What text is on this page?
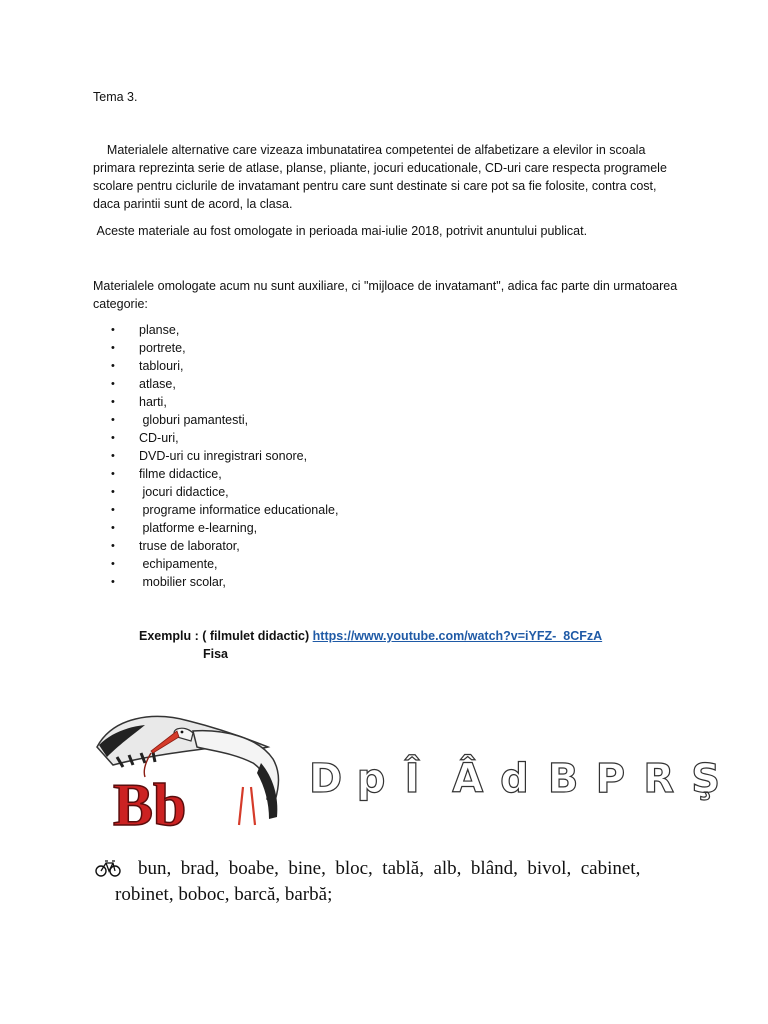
Tema 3.

Materialele alternative care vizeaza imbunatatirea competentei de alfabetizare a elevilor in scoala primara reprezinta serie de atlase, planse, pliante, jocuri educationale, CD-uri care respecta programele scolare pentru ciclurile de invatamant pentru care sunt destinate si care pot sa fie folosite, contra cost, daca parintii sunt de acord, la clasa.

Aceste materiale au fost omologate in perioada mai-iulie 2018, potrivit anuntului publicat.

Materialele omologate acum nu sunt auxiliare, ci "mijloace de invatamant", adica fac parte din urmatoarea categorie:

• planse,
• portrete,
• tablouri,
• atlase,
• harti,
• globuri pamantesti,
• CD-uri,
• DVD-uri cu inregistrari sonore,
• filme didactice,
• jocuri didactice,
• programe informatice educationale,
• platforme e-learning,
• truse de laborator,
• echipamente,
• mobilier scolar,
Exemplu : ( filmulet didactic) https://www.youtube.com/watch?v=iYFZ-_8CFzA
Fisa
Bb	D p Î Â d B P R Ş
bun,  brad,  boabe,  bine,  bloc,  tablă,  alb,  blând,  bivol,  cabinet,
robinet, boboc, barcă, barbă;
